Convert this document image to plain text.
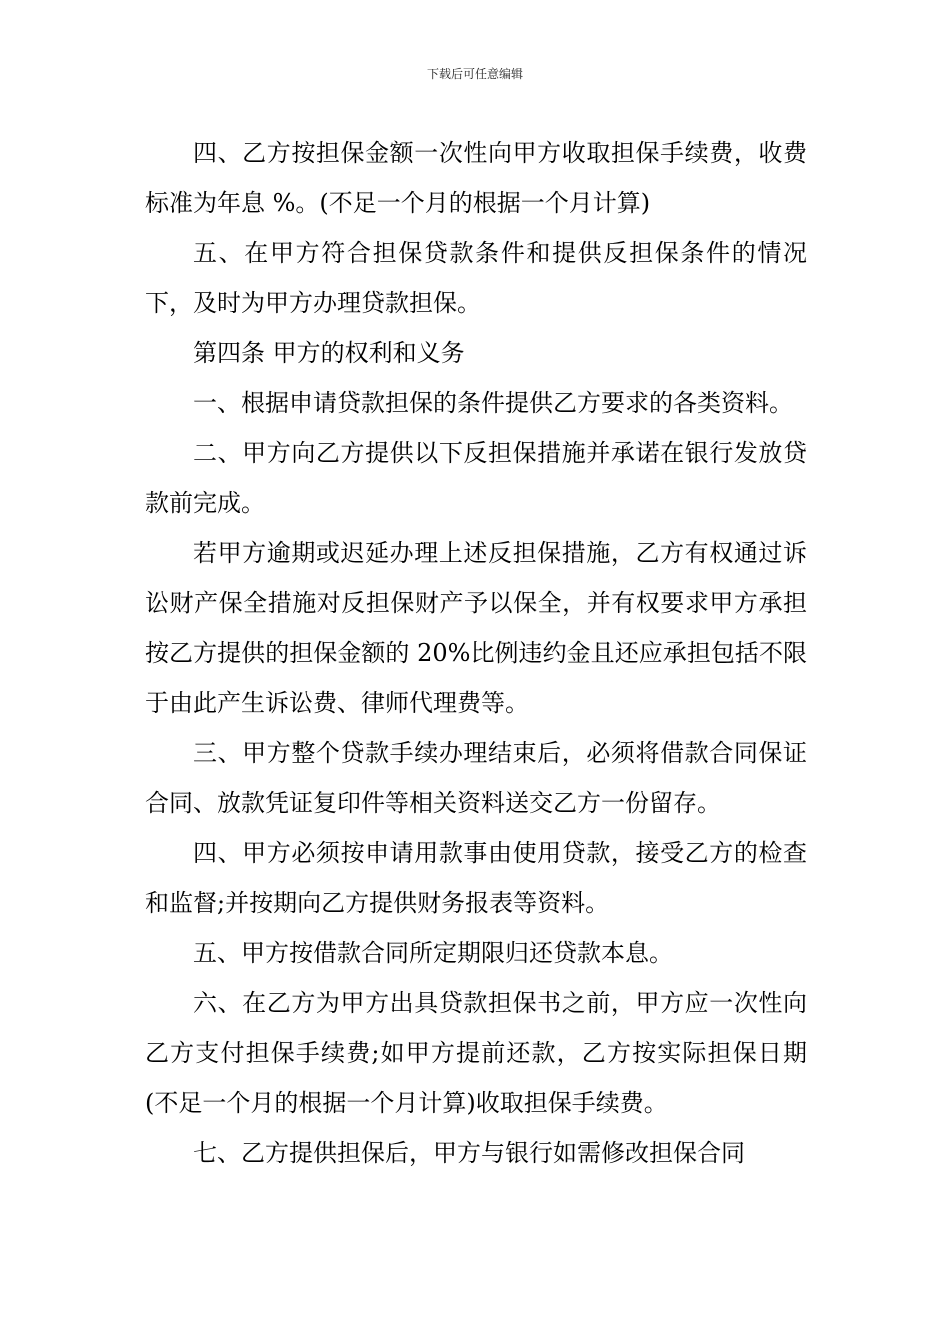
下载后可任意编辑

四、乙方按担保金额一次性向甲方收取担保手续费，收费标准为年息 %。(不足一个月的根据一个月计算)

五、在甲方符合担保贷款条件和提供反担保条件的情况下，及时为甲方办理贷款担保。

第四条 甲方的权利和义务

一、根据申请贷款担保的条件提供乙方要求的各类资料。

二、甲方向乙方提供以下反担保措施并承诺在银行发放贷款前完成。

若甲方逾期或迟延办理上述反担保措施，乙方有权通过诉讼财产保全措施对反担保财产予以保全，并有权要求甲方承担按乙方提供的担保金额的 20%比例违约金且还应承担包括不限于由此产生诉讼费、律师代理费等。

三、甲方整个贷款手续办理结束后，必须将借款合同保证合同、放款凭证复印件等相关资料送交乙方一份留存。

四、甲方必须按申请用款事由使用贷款，接受乙方的检查和监督;并按期向乙方提供财务报表等资料。

五、甲方按借款合同所定期限归还贷款本息。

六、在乙方为甲方出具贷款担保书之前，甲方应一次性向乙方支付担保手续费;如甲方提前还款，乙方按实际担保日期(不足一个月的根据一个月计算)收取担保手续费。

七、乙方提供担保后，甲方与银行如需修改担保合同
